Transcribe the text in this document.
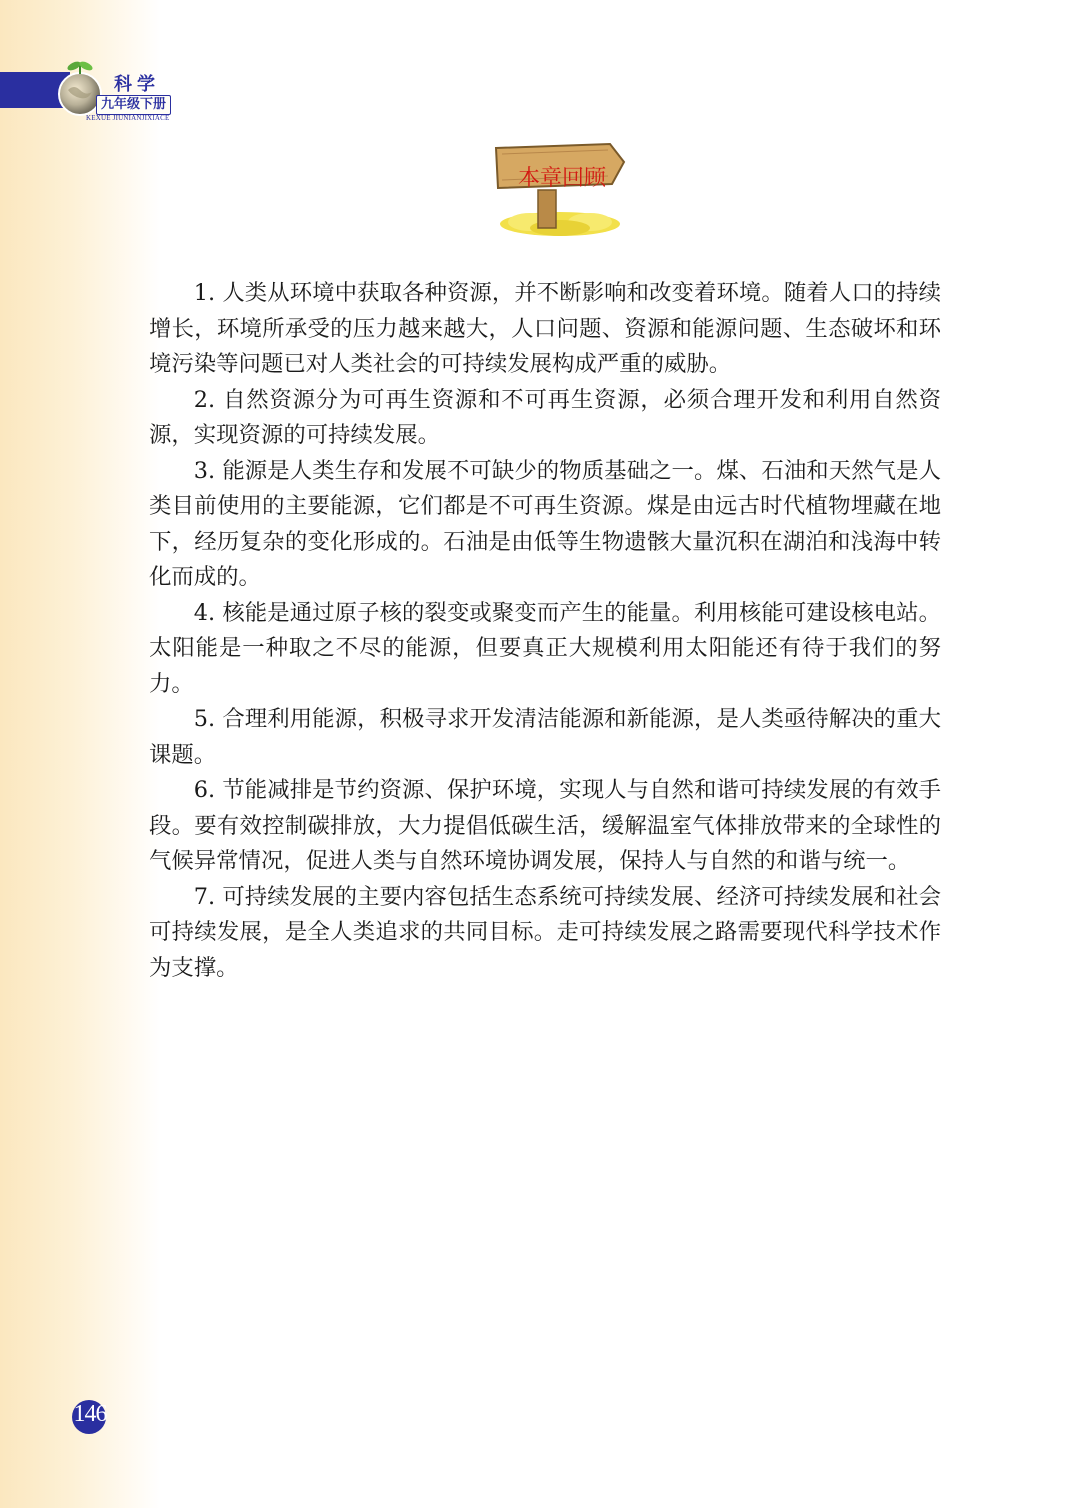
科学
九年级下册
KEXUE JIUNIANJIXIACE
本章回顾

1. 人类从环境中获取各种资源，并不断影响和改变着环境。随着人口的持续增长，环境所承受的压力越来越大，人口问题、资源和能源问题、生态破坏和环境污染等问题已对人类社会的可持续发展构成严重的威胁。

2. 自然资源分为可再生资源和不可再生资源，必须合理开发和利用自然资源，实现资源的可持续发展。

3. 能源是人类生存和发展不可缺少的物质基础之一。煤、石油和天然气是人类目前使用的主要能源，它们都是不可再生资源。煤是由远古时代植物埋藏在地下，经历复杂的变化形成的。石油是由低等生物遗骸大量沉积在湖泊和浅海中转化而成的。

4. 核能是通过原子核的裂变或聚变而产生的能量。利用核能可建设核电站。太阳能是一种取之不尽的能源，但要真正大规模利用太阳能还有待于我们的努力。

5. 合理利用能源，积极寻求开发清洁能源和新能源，是人类亟待解决的重大课题。

6. 节能减排是节约资源、保护环境，实现人与自然和谐可持续发展的有效手段。要有效控制碳排放，大力提倡低碳生活，缓解温室气体排放带来的全球性的气候异常情况，促进人类与自然环境协调发展，保持人与自然的和谐与统一。

7. 可持续发展的主要内容包括生态系统可持续发展、经济可持续发展和社会可持续发展，是全人类追求的共同目标。走可持续发展之路需要现代科学技术作为支撑。

146
